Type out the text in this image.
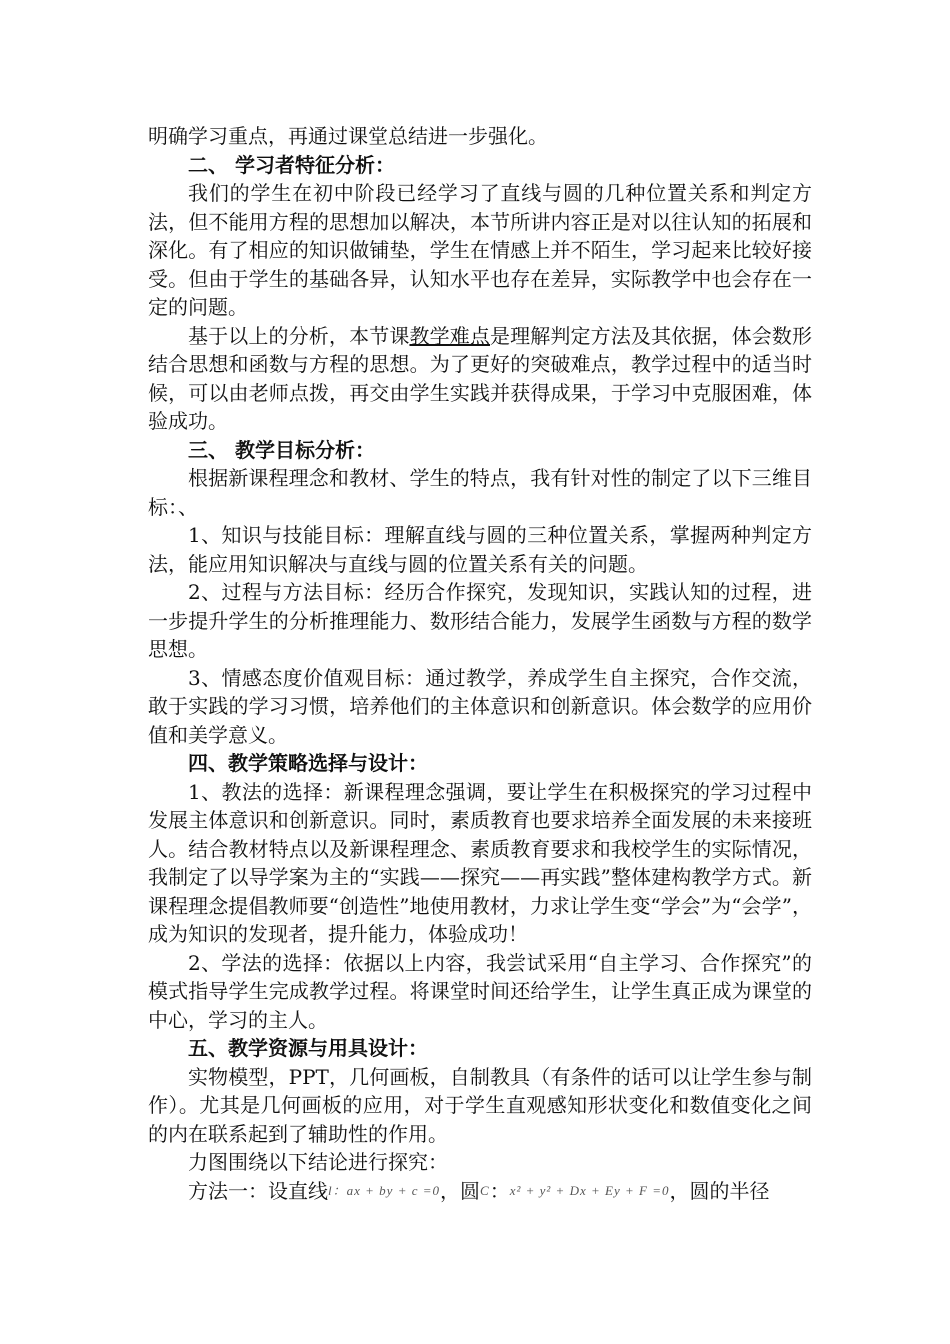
明确学习重点，再通过课堂总结进一步强化。

二、 学习者特征分析：

我们的学生在初中阶段已经学习了直线与圆的几种位置关系和判定方法，但不能用方程的思想加以解决，本节所讲内容正是对以往认知的拓展和深化。有了相应的知识做铺垫，学生在情感上并不陌生，学习起来比较好接受。但由于学生的基础各异，认知水平也存在差异，实际教学中也会存在一定的问题。

基于以上的分析，本节课教学难点是理解判定方法及其依据，体会数形结合思想和函数与方程的思想。为了更好的突破难点，教学过程中的适当时候，可以由老师点拨，再交由学生实践并获得成果，于学习中克服困难，体验成功。

三、 教学目标分析：

根据新课程理念和教材、学生的特点，我有针对性的制定了以下三维目标：、

1、知识与技能目标：理解直线与圆的三种位置关系，掌握两种判定方法，能应用知识解决与直线与圆的位置关系有关的问题。

2、过程与方法目标：经历合作探究，发现知识，实践认知的过程，进一步提升学生的分析推理能力、数形结合能力，发展学生函数与方程的数学思想。

3、情感态度价值观目标：通过教学，养成学生自主探究，合作交流，敢于实践的学习习惯，培养他们的主体意识和创新意识。体会数学的应用价值和美学意义。

四、教学策略选择与设计：

1、教法的选择：新课程理念强调，要让学生在积极探究的学习过程中发展主体意识和创新意识。同时，素质教育也要求培养全面发展的未来接班人。结合教材特点以及新课程理念、素质教育要求和我校学生的实际情况，我制定了以导学案为主的“实践——探究——再实践”整体建构教学方式。新课程理念提倡教师要“创造性”地使用教材，力求让学生变“学会”为“会学”，成为知识的发现者，提升能力，体验成功！

2、学法的选择：依据以上内容，我尝试采用“自主学习、合作探究”的模式指导学生完成教学过程。将课堂时间还给学生，让学生真正成为课堂的中心，学习的主人。

五、教学资源与用具设计：

实物模型，PPT，几何画板，自制教具（有条件的话可以让学生参与制作）。尤其是几何画板的应用，对于学生直观感知形状变化和数值变化之间的内在联系起到了辅助性的作用。

力图围绕以下结论进行探究：

方法一：设直线l：ax + by + c =0，圆C：x² + y² + Dx + Ey + F =0，圆的半径
